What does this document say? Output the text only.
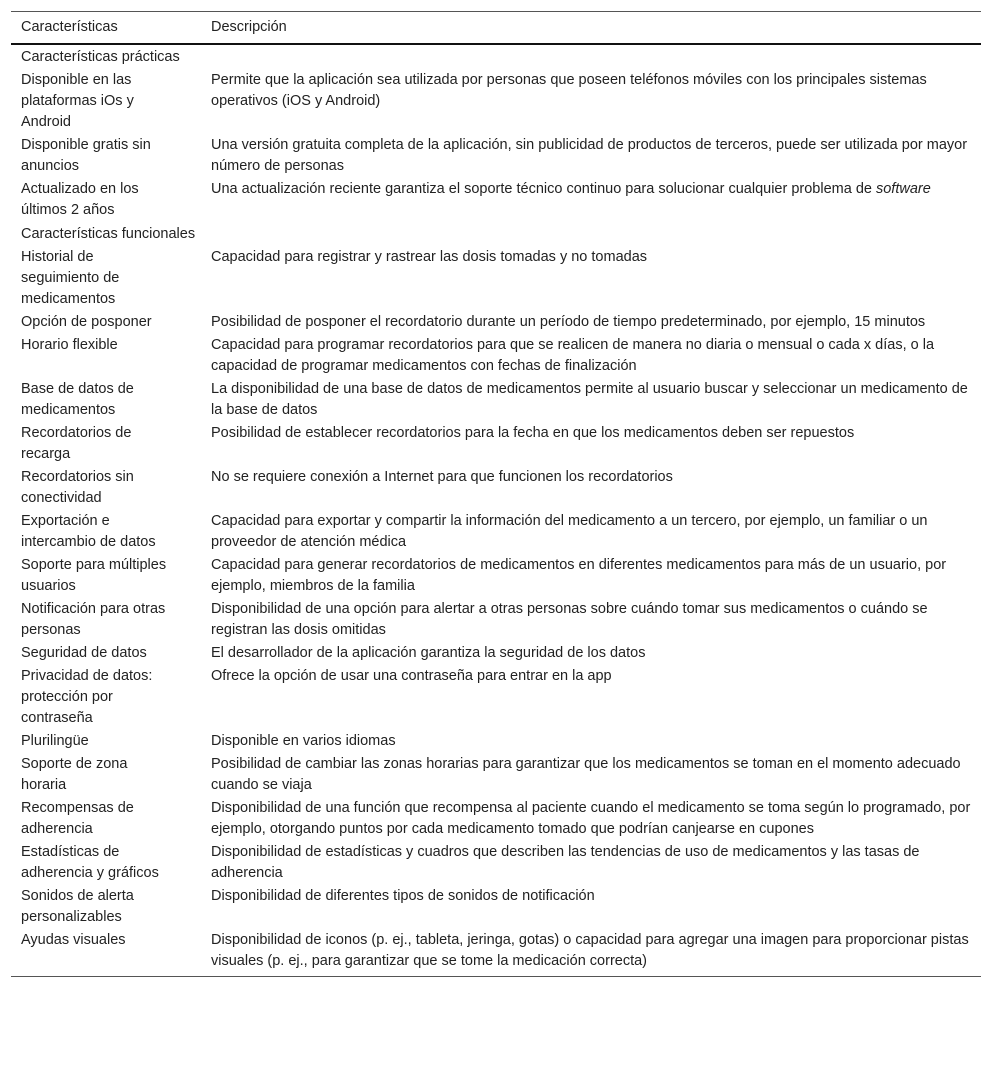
Características	Descripción
Características prácticas	
Disponible en las plataformas iOs y Android	Permite que la aplicación sea utilizada por personas que poseen teléfonos móviles con los principales sistemas operativos (iOS y Android)
Disponible gratis sin anuncios	Una versión gratuita completa de la aplicación, sin publicidad de productos de terceros, puede ser utilizada por mayor número de personas
Actualizado en los últimos 2 años	Una actualización reciente garantiza el soporte técnico continuo para solucionar cualquier problema de software
Características funcionales	
Historial de seguimiento de medicamentos	Capacidad para registrar y rastrear las dosis tomadas y no tomadas
Opción de posponer	Posibilidad de posponer el recordatorio durante un período de tiempo predeterminado, por ejemplo, 15 minutos
Horario flexible	Capacidad para programar recordatorios para que se realicen de manera no diaria o mensual o cada x días, o la capacidad de programar medicamentos con fechas de finalización
Base de datos de medicamentos	La disponibilidad de una base de datos de medicamentos permite al usuario buscar y seleccionar un medicamento de la base de datos
Recordatorios de recarga	Posibilidad de establecer recordatorios para la fecha en que los medicamentos deben ser repuestos
Recordatorios sin conectividad	No se requiere conexión a Internet para que funcionen los recordatorios
Exportación e intercambio de datos	Capacidad para exportar y compartir la información del medicamento a un tercero, por ejemplo, un familiar o un proveedor de atención médica
Soporte para múltiples usuarios	Capacidad para generar recordatorios de medicamentos en diferentes medicamentos para más de un usuario, por ejemplo, miembros de la familia
Notificación para otras personas	Disponibilidad de una opción para alertar a otras personas sobre cuándo tomar sus medicamentos o cuándo se registran las dosis omitidas
Seguridad de datos	El desarrollador de la aplicación garantiza la seguridad de los datos
Privacidad de datos: protección por contraseña	Ofrece la opción de usar una contraseña para entrar en la app
Plurilingüe	Disponible en varios idiomas
Soporte de zona horaria	Posibilidad de cambiar las zonas horarias para garantizar que los medicamentos se toman en el momento adecuado cuando se viaja
Recompensas de adherencia	Disponibilidad de una función que recompensa al paciente cuando el medicamento se toma según lo programado, por ejemplo, otorgando puntos por cada medicamento tomado que podrían canjearse en cupones
Estadísticas de adherencia y gráficos	Disponibilidad de estadísticas y cuadros que describen las tendencias de uso de medicamentos y las tasas de adherencia
Sonidos de alerta personalizables	Disponibilidad de diferentes tipos de sonidos de notificación
Ayudas visuales	Disponibilidad de iconos (p. ej., tableta, jeringa, gotas) o capacidad para agregar una imagen para proporcionar pistas visuales (p. ej., para garantizar que se tome la medicación correcta)
